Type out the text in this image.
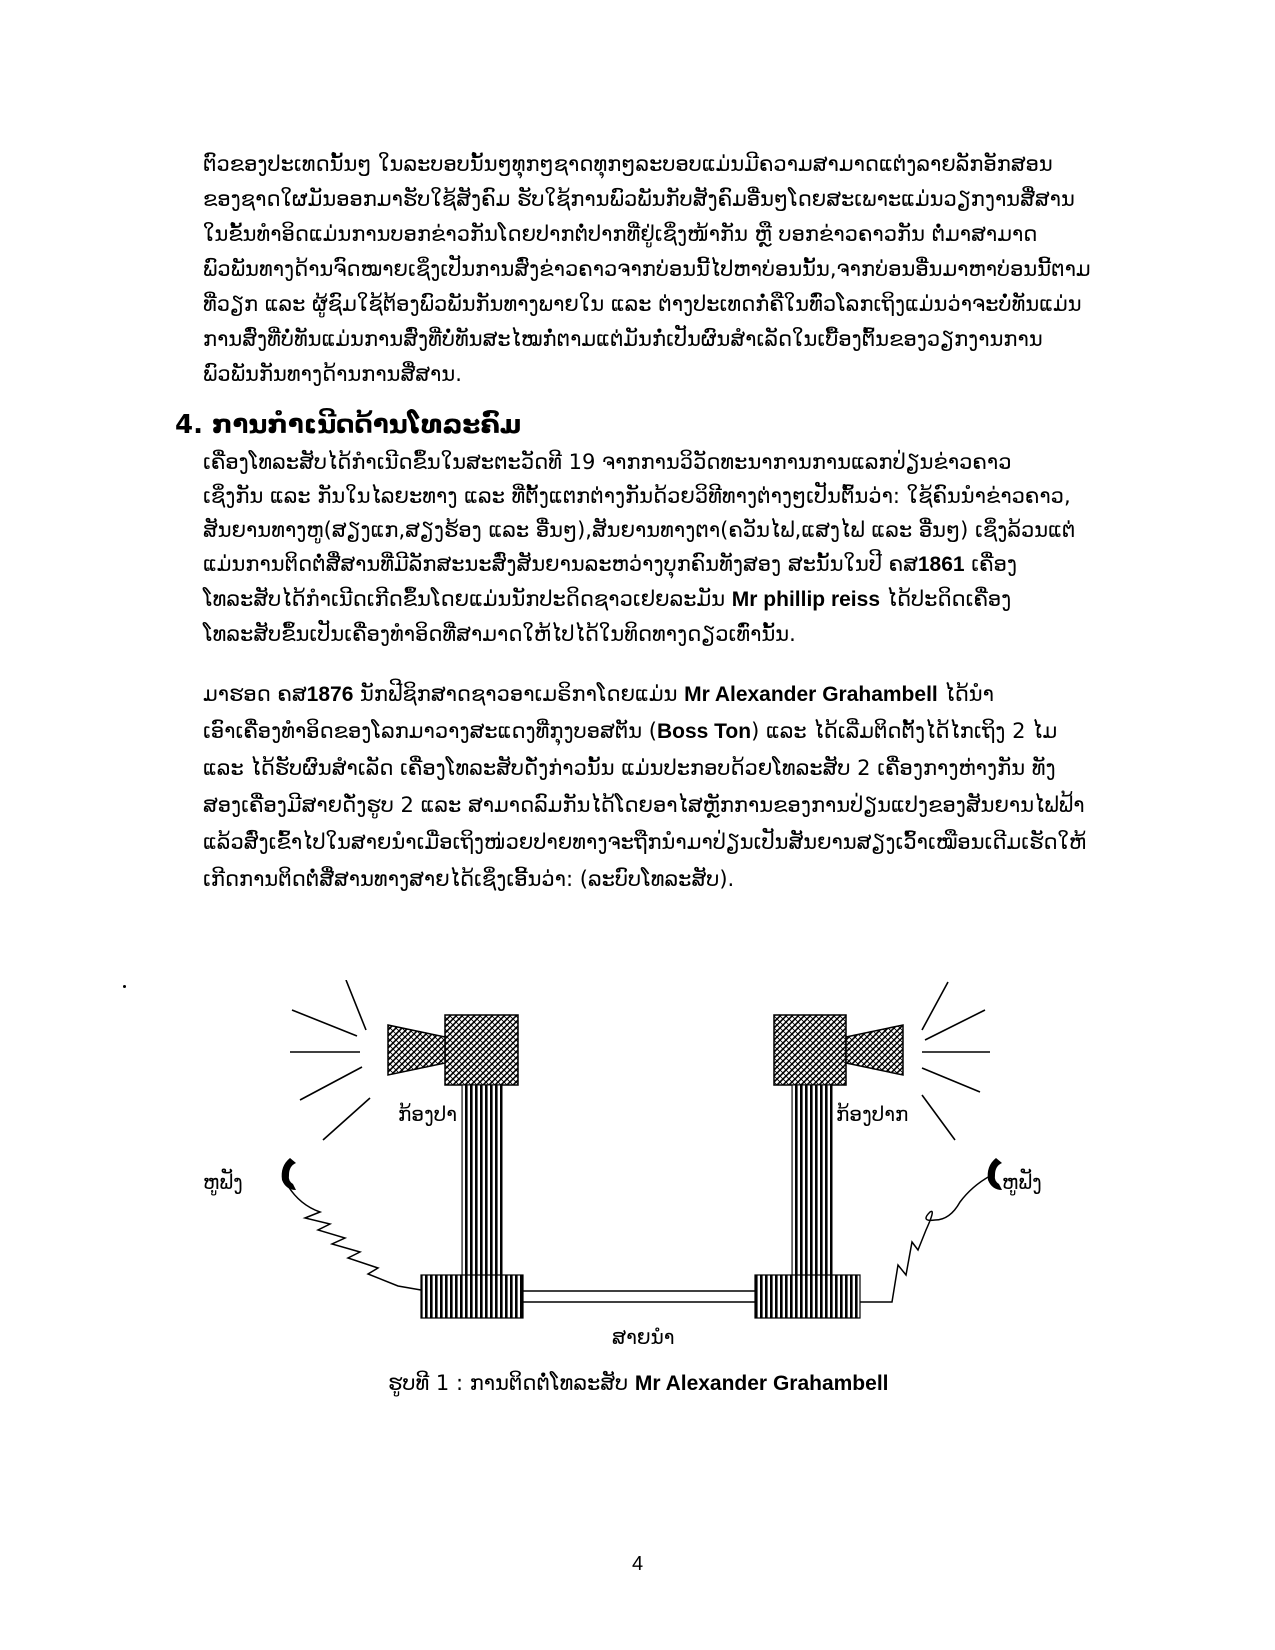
ຕົວຂອງປະເທດນັ້ນໆ ໃນລະບອບນັ້ນໆທຸກໆຊາດທຸກໆລະບອບແມ່ນມີຄວາມສາມາດແຕ່ງລາຍລັກອັກສອນ
ຂອງຊາດໃຜມັນອອກມາຮັບໃຊ້ສັງຄົມ ຮັບໃຊ້ການພົວພັນກັບສັງຄົມອື່ນໆໂດຍສະເພາະແມ່ນວຽກງານສື່ສານ
ໃນຂັ້ນທຳອິດແມ່ນການບອກຂ່າວກັນໂດຍປາກຕໍ່ປາກທີ່ຢູ່ເຊິ່ງໜ້າກັນ ຫຼື ບອກຂ່າວຄາວກັນ ຕໍ່ມາສາມາດ
ພົວພັນທາງດ້ານຈົດໝາຍເຊິ່ງເປັນການສົ່ງຂ່າວຄາວຈາກບ່ອນນີ້ໄປຫາບ່ອນນັ້ນ,ຈາກບ່ອນອື່ນມາຫາບ່ອນນີ້ຕາມ
ທີ່ວຽກ ແລະ ຜູ້ຊົມໃຊ້ຕ້ອງພົວພັນກັນທາງພາຍໃນ ແລະ ຕ່າງປະເທດກໍ່ຄືໃນທົ່ວໂລກເຖິງແມ່ນວ່າຈະບໍ່ທັນແມ່ນ
ການສົ່ງທີ່ບໍ່ທັນແມ່ນການສົ່ງທີ່ບໍ່ທັນສະໄໝກໍ່ຕາມແຕ່ມັນກໍ່ເປັນຜົນສຳເລັດໃນເບື້ອງຕົ້ນຂອງວຽກງານການ
ພົວພັນກັນທາງດ້ານການສື່ສານ.
4. ການກຳເນີດດ້ານໂທລະຄົມ
ເຄື່ອງໂທລະສັບໄດ້ກຳເນີດຂຶ້ນໃນສະຕະວັດທີ 19 ຈາກການວິວັດທະນາການການແລກປ່ຽນຂ່າວຄາວ
ເຊິ່ງກັນ ແລະ ກັນໃນໄລຍະທາງ ແລະ ທີ່ຕັ້ງແຕກຕ່າງກັນດ້ວຍວິທີທາງຕ່າງໆເປັນຕົ້ນວ່າ: ໃຊ້ຄົນນຳຂ່າວຄາວ,
ສັນຍານທາງຫູ(ສຽງແກ,ສຽງຮ້ອງ ແລະ ອື່ນໆ),ສັນຍານທາງຕາ(ຄວັນໄຟ,ແສງໄຟ ແລະ ອື່ນໆ) ເຊິ່ງລ້ວນແຕ່
ແມ່ນການຕິດຕໍ່ສື່ສານທີ່ມີລັກສະນະສົ່ງສັນຍານລະຫວ່າງບຸກຄົນທັງສອງ ສະນັ້ນໃນປີ ຄສ1861 ເຄື່ອງ
ໂທລະສັບໄດ້ກຳເນີດເກີດຂຶ້ນໂດຍແມ່ນນັກປະດິດຊາວເຢຍລະມັນ Mr phillip reiss ໄດ້ປະດິດເຄື່ອງ
ໂທລະສັບຂຶ້ນເປັນເຄື່ອງທຳອິດທີ່ສາມາດໃຫ້ໄປໄດ້ໃນທິດທາງດຽວເທົ່ານັ້ນ.
ມາຮອດ ຄສ1876 ນັກຟີຊິກສາດຊາວອາເມຣິກາໂດຍແມ່ນ Mr Alexander Grahambell ໄດ້ນຳ
ເອົາເຄື່ອງທຳອິດຂອງໂລກມາວາງສະແດງທີ່ກຸງບອສຕັນ (Boss Ton) ແລະ ໄດ້ເລີ່ມຕິດຕັ້ງໄດ້ໄກເຖິງ 2 ໄມ
ແລະ ໄດ້ຮັບຜົນສຳເລັດ ເຄື່ອງໂທລະສັບດັ່ງກ່າວນັ້ນ ແມ່ນປະກອບດ້ວຍໂທລະສັບ 2 ເຄື່ອງກາງຫ່າງກັນ ທັງ
ສອງເຄື່ອງມີສາຍດັ່ງຮູບ 2 ແລະ ສາມາດລົມກັນໄດ້ໂດຍອາໄສຫຼັກການຂອງການປ່ຽນແປງຂອງສັນຍານໄຟຟ້າ
ແລ້ວສົ່ງເຂົ້າໄປໃນສາຍນຳເມື່ອເຖິງໜ່ວຍປາຍທາງຈະຖືກນຳມາປ່ຽນເປັນສັນຍານສຽງເວົ້າເໝືອນເດີມເຮັດໃຫ້
ເກີດການຕິດຕໍ່ສື່ສານທາງສາຍໄດ້ເຊິ່ງເອີ້ນວ່າ: (ລະບົບໂທລະສັບ).
ກ້ອງປາ	ກ້ອງປາກ
ຫູຟັງ	ຫູຟັງ
ສາຍນຳ
ຮູບທີ 1 : ການຕິດຕໍ່ໂທລະສັບ Mr Alexander Grahambell
4
